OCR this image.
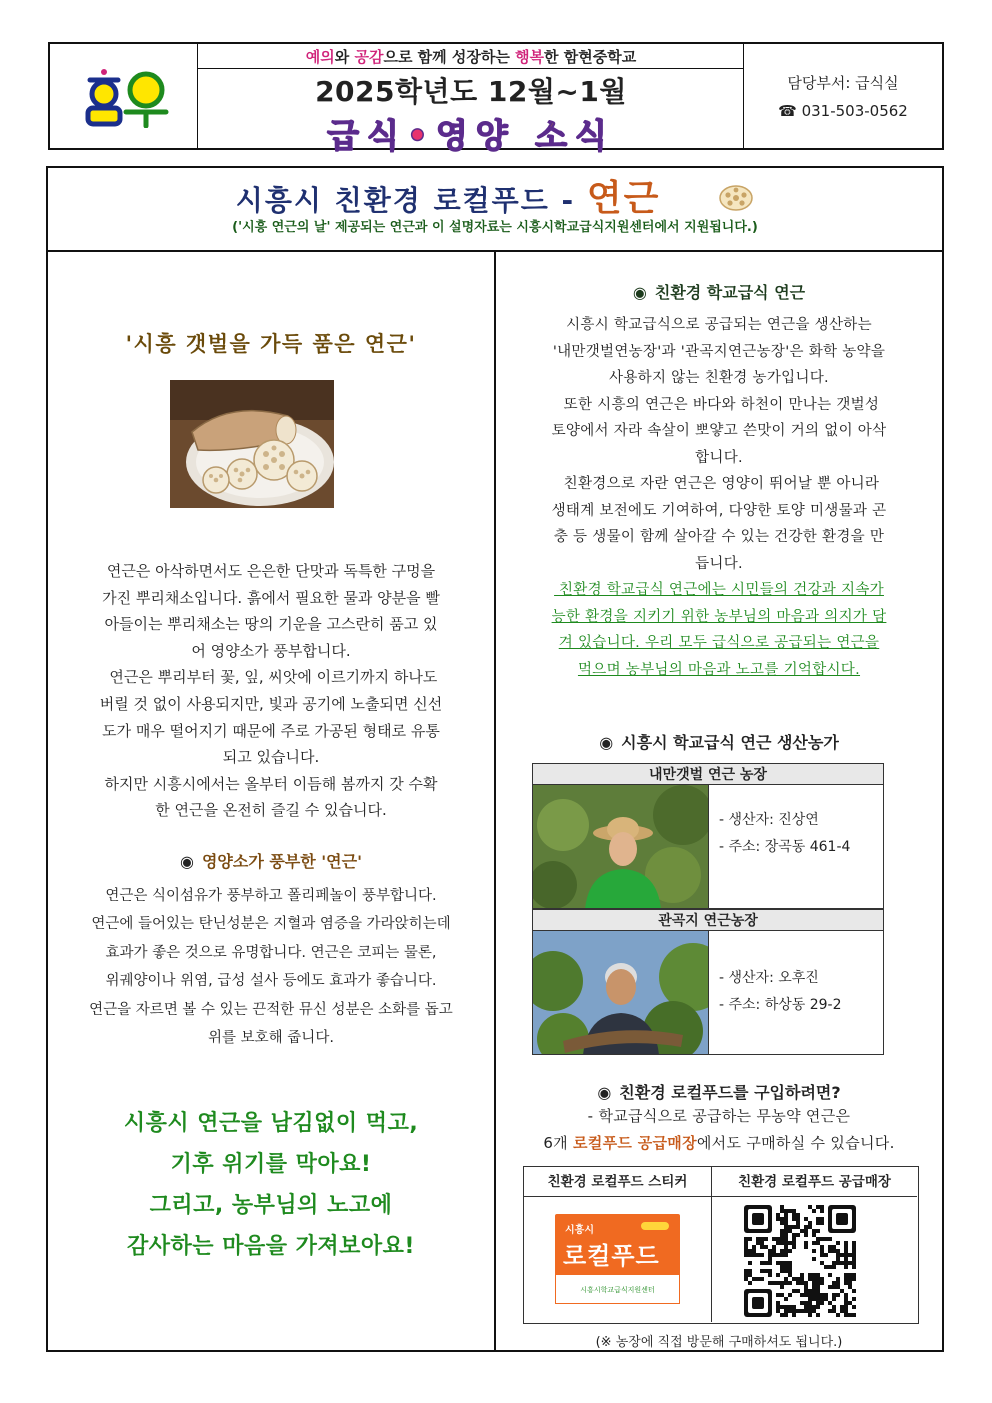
예의와 공감으로 함께 성장하는 행복한 함현중학교
2025학년도 12월~1월
급식•영양 소식
담당부서: 급식실
☎ 031-503-0562
시흥시 친환경 로컬푸드 - 연근
('시흥 연근의 날' 제공되는 연근과 이 설명자료는 시흥시학교급식지원센터에서 지원됩니다.)
'시흥 갯벌을 가득 품은 연근'
연근은 아삭하면서도 은은한 단맛과 독특한 구멍을
가진 뿌리채소입니다. 흙에서 필요한 물과 양분을 빨
아들이는 뿌리채소는 땅의 기운을 고스란히 품고 있
어 영양소가 풍부합니다.
연근은 뿌리부터 꽃, 잎, 씨앗에 이르기까지 하나도
버릴 것 없이 사용되지만, 빛과 공기에 노출되면 신선
도가 매우 떨어지기 때문에 주로 가공된 형태로 유통
되고 있습니다.
하지만 시흥시에서는 올부터 이듬해 봄까지 갓 수확
한 연근을 온전히 즐길 수 있습니다.
◉ 영양소가 풍부한 '연근'
연근은 식이섬유가 풍부하고 폴리페놀이 풍부합니다.
연근에 들어있는 탄닌성분은 지혈과 염증을 가라앉히는데
효과가 좋은 것으로 유명합니다. 연근은 코피는 물론,
위궤양이나 위염, 급성 설사 등에도 효과가 좋습니다.
연근을 자르면 볼 수 있는 끈적한 뮤신 성분은 소화를 돕고
위를 보호해 줍니다.
시흥시 연근을 남김없이 먹고,
기후 위기를 막아요!
그리고, 농부님의 노고에
감사하는 마음을 가져보아요!
◉ 친환경 학교급식 연근
시흥시 학교급식으로 공급되는 연근을 생산하는
'내만갯벌연농장'과 '관곡지연근농장'은 화학 농약을
사용하지 않는 친환경 농가입니다.
또한 시흥의 연근은 바다와 하천이 만나는 갯벌성
토양에서 자라 속살이 뽀얗고 쓴맛이 거의 없이 아삭
합니다.
친환경으로 자란 연근은 영양이 뛰어날 뿐 아니라
생태계 보전에도 기여하여, 다양한 토양 미생물과 곤
충 등 생물이 함께 살아갈 수 있는 건강한 환경을 만
듭니다.
친환경 학교급식 연근에는 시민들의 건강과 지속가
능한 환경을 지키기 위한 농부님의 마음과 의지가 담
겨 있습니다. 우리 모두 급식으로 공급되는 연근을
먹으며 농부님의 마음과 노고를 기억합시다.
◉ 시흥시 학교급식 연근 생산농가
내만갯벌 연근 농장
- 생산자: 진상연
- 주소: 장곡동 461-4
관곡지 연근농장
- 생산자: 오후진
- 주소: 하상동 29-2
◉ 친환경 로컬푸드를 구입하려면?
- 학교급식으로 공급하는 무농약 연근은
6개 로컬푸드 공급매장에서도 구매하실 수 있습니다.
친환경 로컬푸드 스티커	친환경 로컬푸드 공급매장
시흥시
로컬푸드
시흥시학교급식지원센터
(※ 농장에 직접 방문해 구매하셔도 됩니다.)
